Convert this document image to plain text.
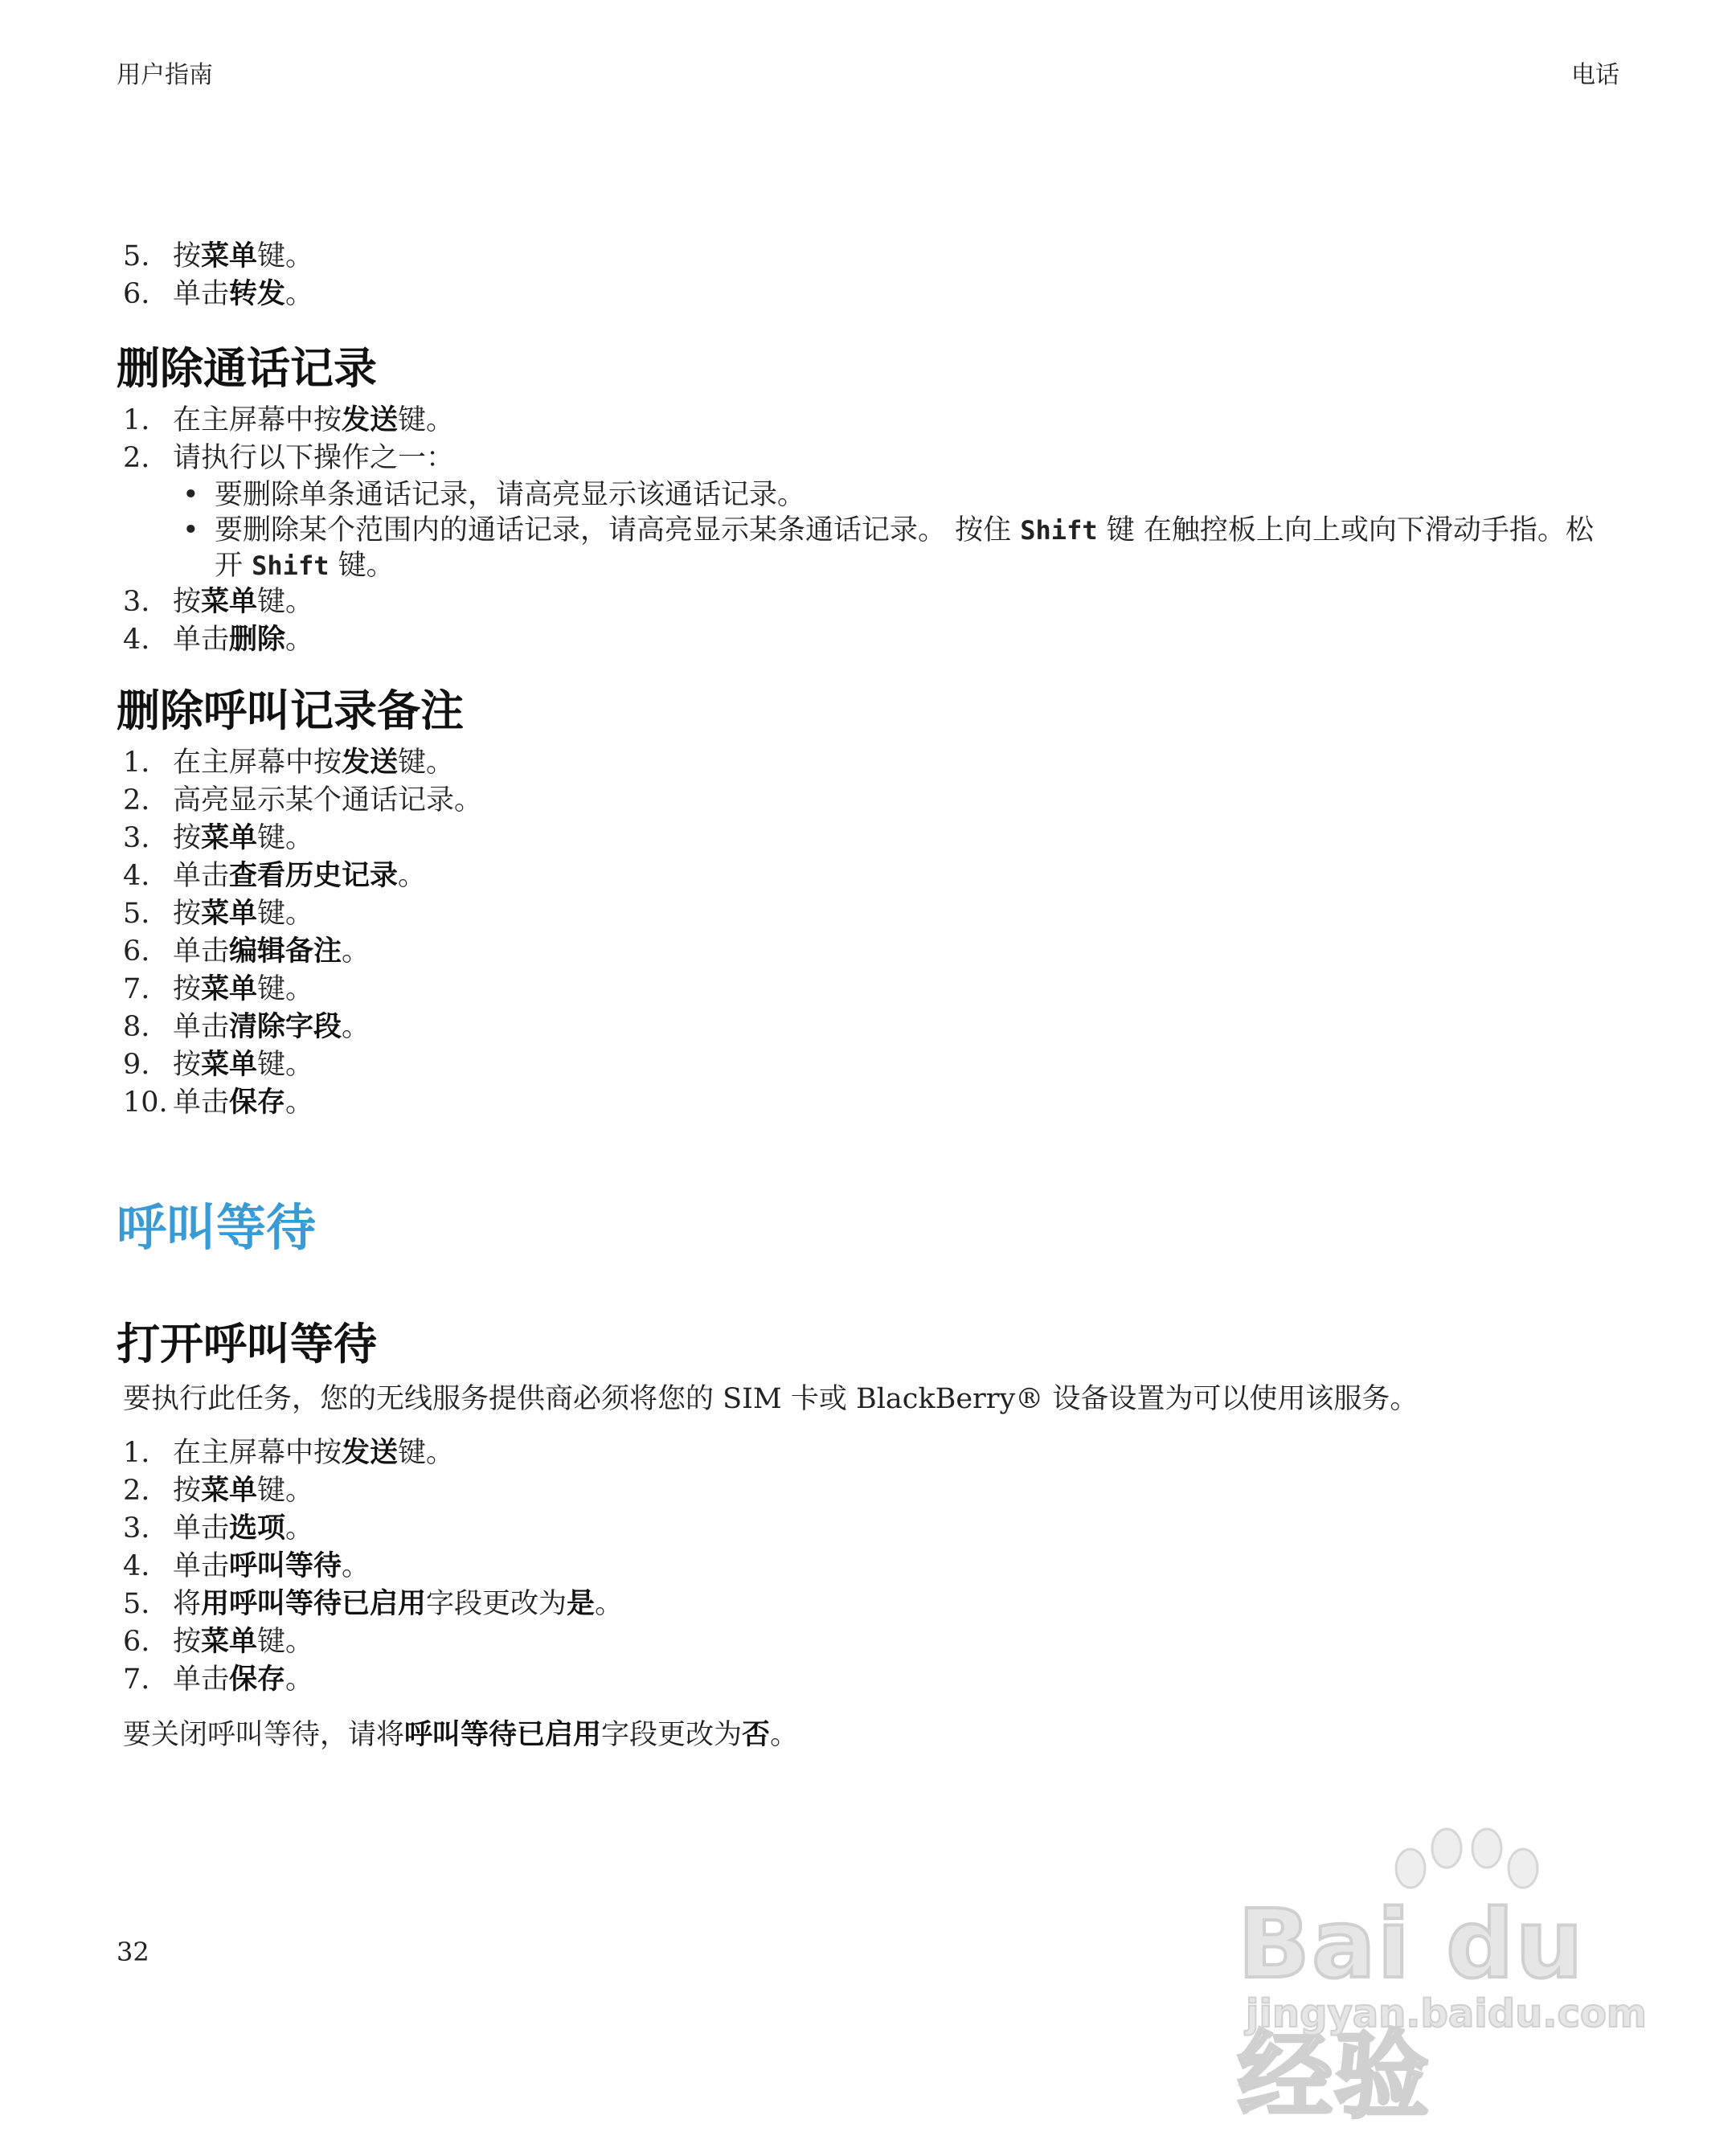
用户指南	电话
5. 按菜单键。
6. 单击转发。
删除通话记录
1. 在主屏幕中按发送键。
2. 请执行以下操作之一：
• 要删除单条通话记录，请高亮显示该通话记录。
• 要删除某个范围内的通话记录，请高亮显示某条通话记录。 按住 Shift 键 在触控板上向上或向下滑动手指。松开 Shift 键。
3. 按菜单键。
4. 单击删除。
删除呼叫记录备注
1. 在主屏幕中按发送键。
2. 高亮显示某个通话记录。
3. 按菜单键。
4. 单击查看历史记录。
5. 按菜单键。
6. 单击编辑备注。
7. 按菜单键。
8. 单击清除字段。
9. 按菜单键。
10. 单击保存。
呼叫等待
打开呼叫等待

要执行此任务，您的无线服务提供商必须将您的 SIM 卡或 BlackBerry® 设备设置为可以使用该服务。

1. 在主屏幕中按发送键。
2. 按菜单键。
3. 单击选项。
4. 单击呼叫等待。
5. 将用呼叫等待已启用字段更改为是。
6. 按菜单键。
7. 单击保存。

要关闭呼叫等待，请将呼叫等待已启用字段更改为否。

32	Bai du 经验
jingyan.baidu.com
